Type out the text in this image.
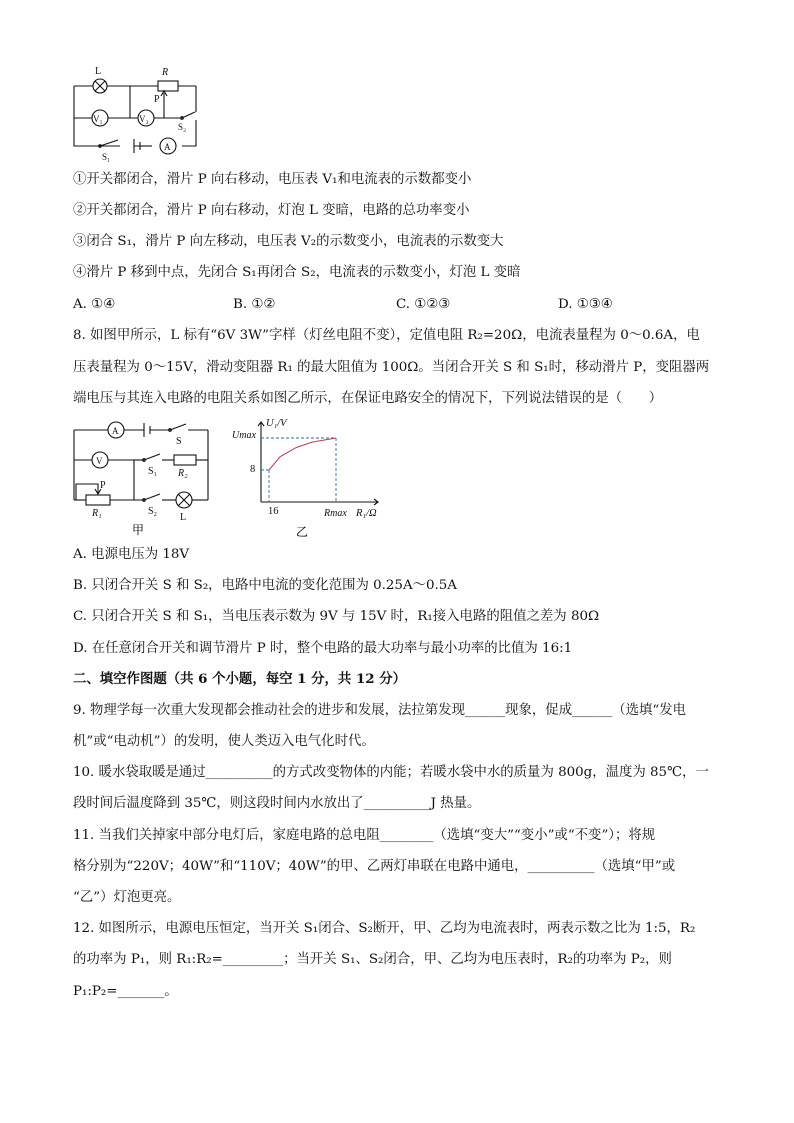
L	R
P
V₁	V₂
S₂
S₁
A
①开关都闭合，滑片 P 向右移动，电压表 V₁和电流表的示数都变小
②开关都闭合，滑片 P 向右移动，灯泡 L 变暗，电路的总功率变小
③闭合 S₁，滑片 P 向左移动，电压表 V₂的示数变小，电流表的示数变大
④滑片 P 移到中点，先闭合 S₁再闭合 S₂，电流表的示数变小，灯泡 L 变暗
A. ①④	B. ①②	C. ①②③	D. ①③④
8. 如图甲所示，L 标有“6V 3W”字样（灯丝电阻不变），定值电阻 R₂=20Ω，电流表量程为 0～0.6A，电
压表量程为 0～15V，滑动变阻器 R₁ 的最大阻值为 100Ω。当闭合开关 S 和 S₁时，移动滑片 P，变阻器两
端电压与其连入电路的电阻关系如图乙所示，在保证电路安全的情况下，下列说法错误的是（　　）
A
S
V
S₁ R₂
P
R₁	S₂
L
甲
U₁/V
Umax
8
16	Rmax R₁/Ω
乙
A. 电源电压为 18V
B. 只闭合开关 S 和 S₂，电路中电流的变化范围为 0.25A～0.5A
C. 只闭合开关 S 和 S₁，当电压表示数为 9V 与 15V 时，R₁接入电路的阻值之差为 80Ω
D. 在任意闭合开关和调节滑片 P 时，整个电路的最大功率与最小功率的比值为 16:1
二、填空作图题（共 6 个小题，每空 1 分，共 12 分）
9. 物理学每一次重大发现都会推动社会的进步和发展，法拉第发现______现象，促成______（选填“发电
机”或“电动机”）的发明，使人类迈入电气化时代。
10. 暖水袋取暖是通过__________的方式改变物体的内能；若暖水袋中水的质量为 800g，温度为 85℃，一
段时间后温度降到 35℃，则这段时间内水放出了__________J 热量。
11. 当我们关掉家中部分电灯后，家庭电路的总电阻________（选填“变大”“变小”或“不变”）；将规
格分别为“220V；40W”和“110V；40W”的甲、乙两灯串联在电路中通电，__________（选填“甲”或
“乙”）灯泡更亮。
12. 如图所示，电源电压恒定，当开关 S₁闭合、S₂断开，甲、乙均为电流表时，两表示数之比为 1:5，R₂
的功率为 P₁，则 R₁:R₂=_________；当开关 S₁、S₂闭合，甲、乙均为电压表时，R₂的功率为 P₂，则
P₁:P₂=_______。
